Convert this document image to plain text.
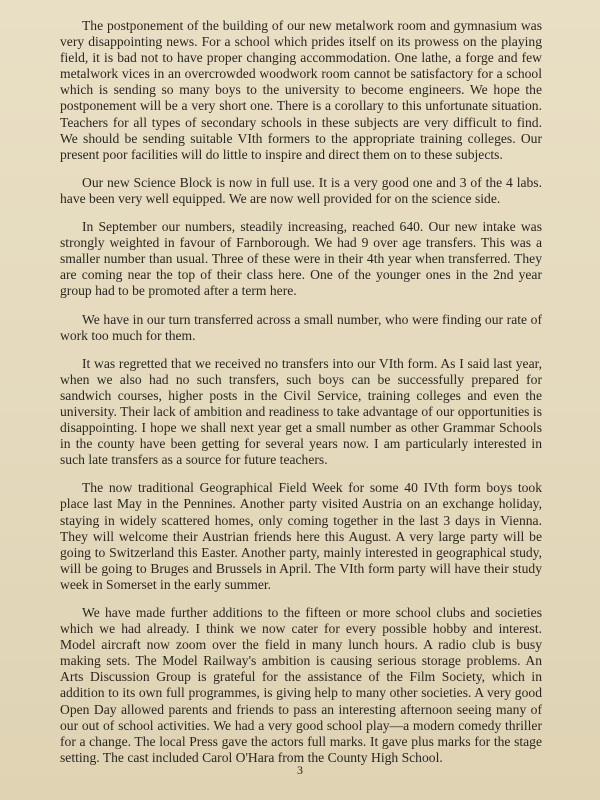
The postponement of the building of our new metalwork room and gymnasium was very disappointing news. For a school which prides itself on its prowess on the playing field, it is bad not to have proper changing accommodation. One lathe, a forge and few metalwork vices in an overcrowded woodwork room cannot be satisfactory for a school which is sending so many boys to the university to become engineers. We hope the postponement will be a very short one. There is a corollary to this unfortunate situation. Teachers for all types of secondary schools in these subjects are very difficult to find. We should be sending suitable VIth formers to the appropriate training colleges. Our present poor facilities will do little to inspire and direct them on to these subjects.

Our new Science Block is now in full use. It is a very good one and 3 of the 4 labs. have been very well equipped. We are now well provided for on the science side.

In September our numbers, steadily increasing, reached 640. Our new intake was strongly weighted in favour of Farnborough. We had 9 over age transfers. This was a smaller number than usual. Three of these were in their 4th year when transferred. They are coming near the top of their class here. One of the younger ones in the 2nd year group had to be promoted after a term here.

We have in our turn transferred across a small number, who were finding our rate of work too much for them.

It was regretted that we received no transfers into our VIth form. As I said last year, when we also had no such transfers, such boys can be successfully prepared for sandwich courses, higher posts in the Civil Service, training colleges and even the university. Their lack of ambition and readiness to take advantage of our opportunities is disappointing. I hope we shall next year get a small number as other Grammar Schools in the county have been getting for several years now. I am particularly interested in such late transfers as a source for future teachers.

The now traditional Geographical Field Week for some 40 IVth form boys took place last May in the Pennines. Another party visited Austria on an exchange holiday, staying in widely scattered homes, only coming together in the last 3 days in Vienna. They will welcome their Austrian friends here this August. A very large party will be going to Switzerland this Easter. Another party, mainly interested in geographical study, will be going to Bruges and Brussels in April. The VIth form party will have their study week in Somerset in the early summer.

We have made further additions to the fifteen or more school clubs and societies which we had already. I think we now cater for every possible hobby and interest. Model aircraft now zoom over the field in many lunch hours. A radio club is busy making sets. The Model Railway's ambition is causing serious storage problems. An Arts Discussion Group is grateful for the assistance of the Film Society, which in addition to its own full programmes, is giving help to many other societies. A very good Open Day allowed parents and friends to pass an interesting afternoon seeing many of our out of school activities. We had a very good school play—a modern comedy thriller for a change. The local Press gave the actors full marks. It gave plus marks for the stage setting. The cast included Carol O'Hara from the County High School.

3
